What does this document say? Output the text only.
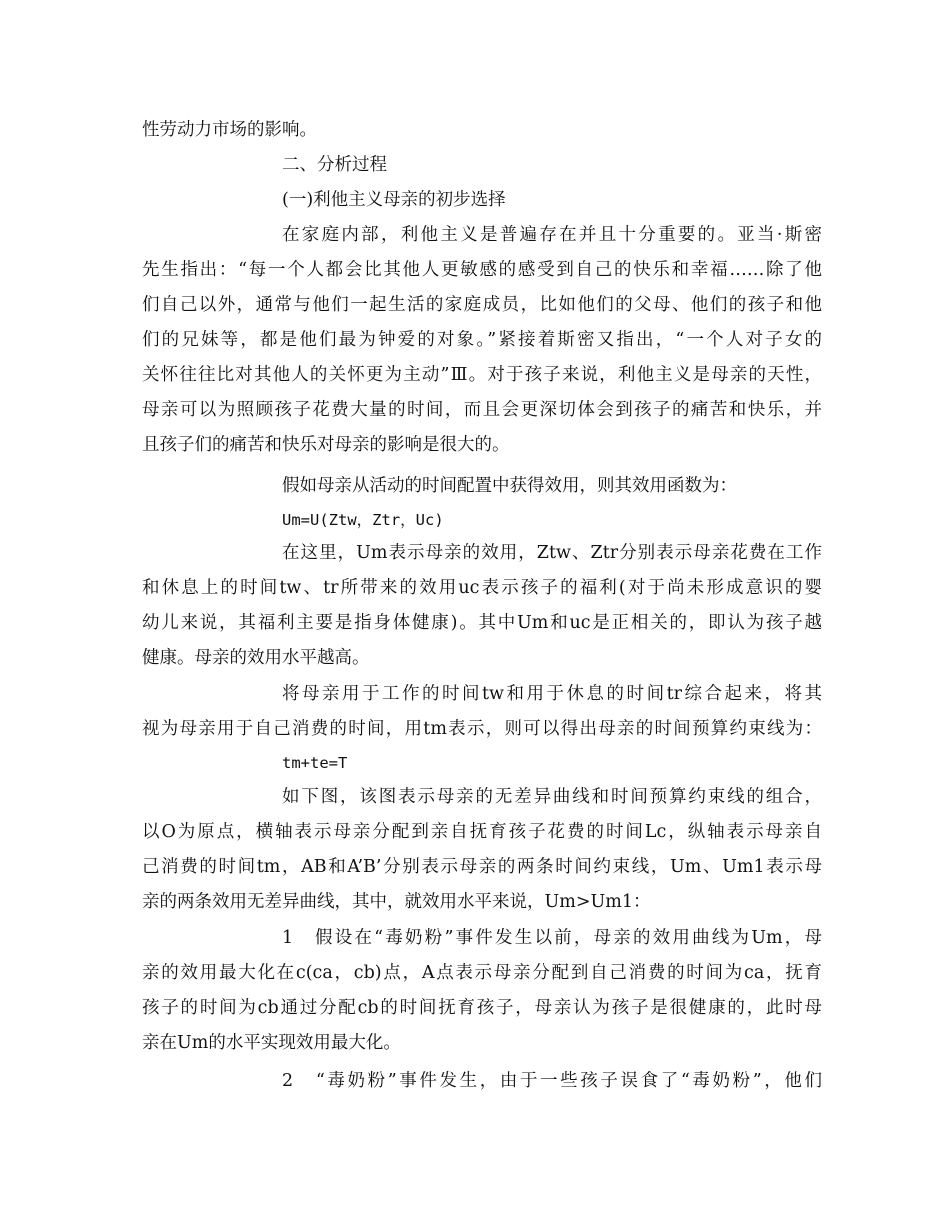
性劳动力市场的影响。
二、分析过程
(一)利他主义母亲的初步选择
在家庭内部，利他主义是普遍存在并且十分重要的。亚当·斯密
先生指出：“每一个人都会比其他人更敏感的感受到自己的快乐和幸福……除了他
们自己以外，通常与他们一起生活的家庭成员，比如他们的父母、他们的孩子和他
们的兄妹等，都是他们最为钟爱的对象。”紧接着斯密又指出，“一个人对子女的
关怀往往比对其他人的关怀更为主动”Ⅲ。对于孩子来说，利他主义是母亲的天性，
母亲可以为照顾孩子花费大量的时间，而且会更深切体会到孩子的痛苦和快乐，并
且孩子们的痛苦和快乐对母亲的影响是很大的。
假如母亲从活动的时间配置中获得效用，则其效用函数为：
Um=U(Ztw，Ztr，Uc)
在这里，Um表示母亲的效用，Ztw、Ztr分别表示母亲花费在工作
和休息上的时间tw、tr所带来的效用uc表示孩子的福利(对于尚未形成意识的婴
幼儿来说，其福利主要是指身体健康)。其中Um和uc是正相关的，即认为孩子越
健康。母亲的效用水平越高。
将母亲用于工作的时间tw和用于休息的时间tr综合起来，将其
视为母亲用于自己消费的时间，用tm表示，则可以得出母亲的时间预算约束线为：
tm+te=T
如下图，该图表示母亲的无差异曲线和时间预算约束线的组合，
以O为原点，横轴表示母亲分配到亲自抚育孩子花费的时间Lc，纵轴表示母亲自
己消费的时间tm，AB和A’B’分别表示母亲的两条时间约束线，Um、Um1表示母
亲的两条效用无差异曲线，其中，就效用水平来说，Um>Um1：
1　假设在“毒奶粉”事件发生以前，母亲的效用曲线为Um，母
亲的效用最大化在c(ca，cb)点，A点表示母亲分配到自己消费的时间为ca，抚育
孩子的时间为cb通过分配cb的时间抚育孩子，母亲认为孩子是很健康的，此时母
亲在Um的水平实现效用最大化。
2　“毒奶粉”事件发生，由于一些孩子误食了“毒奶粉”，他们
